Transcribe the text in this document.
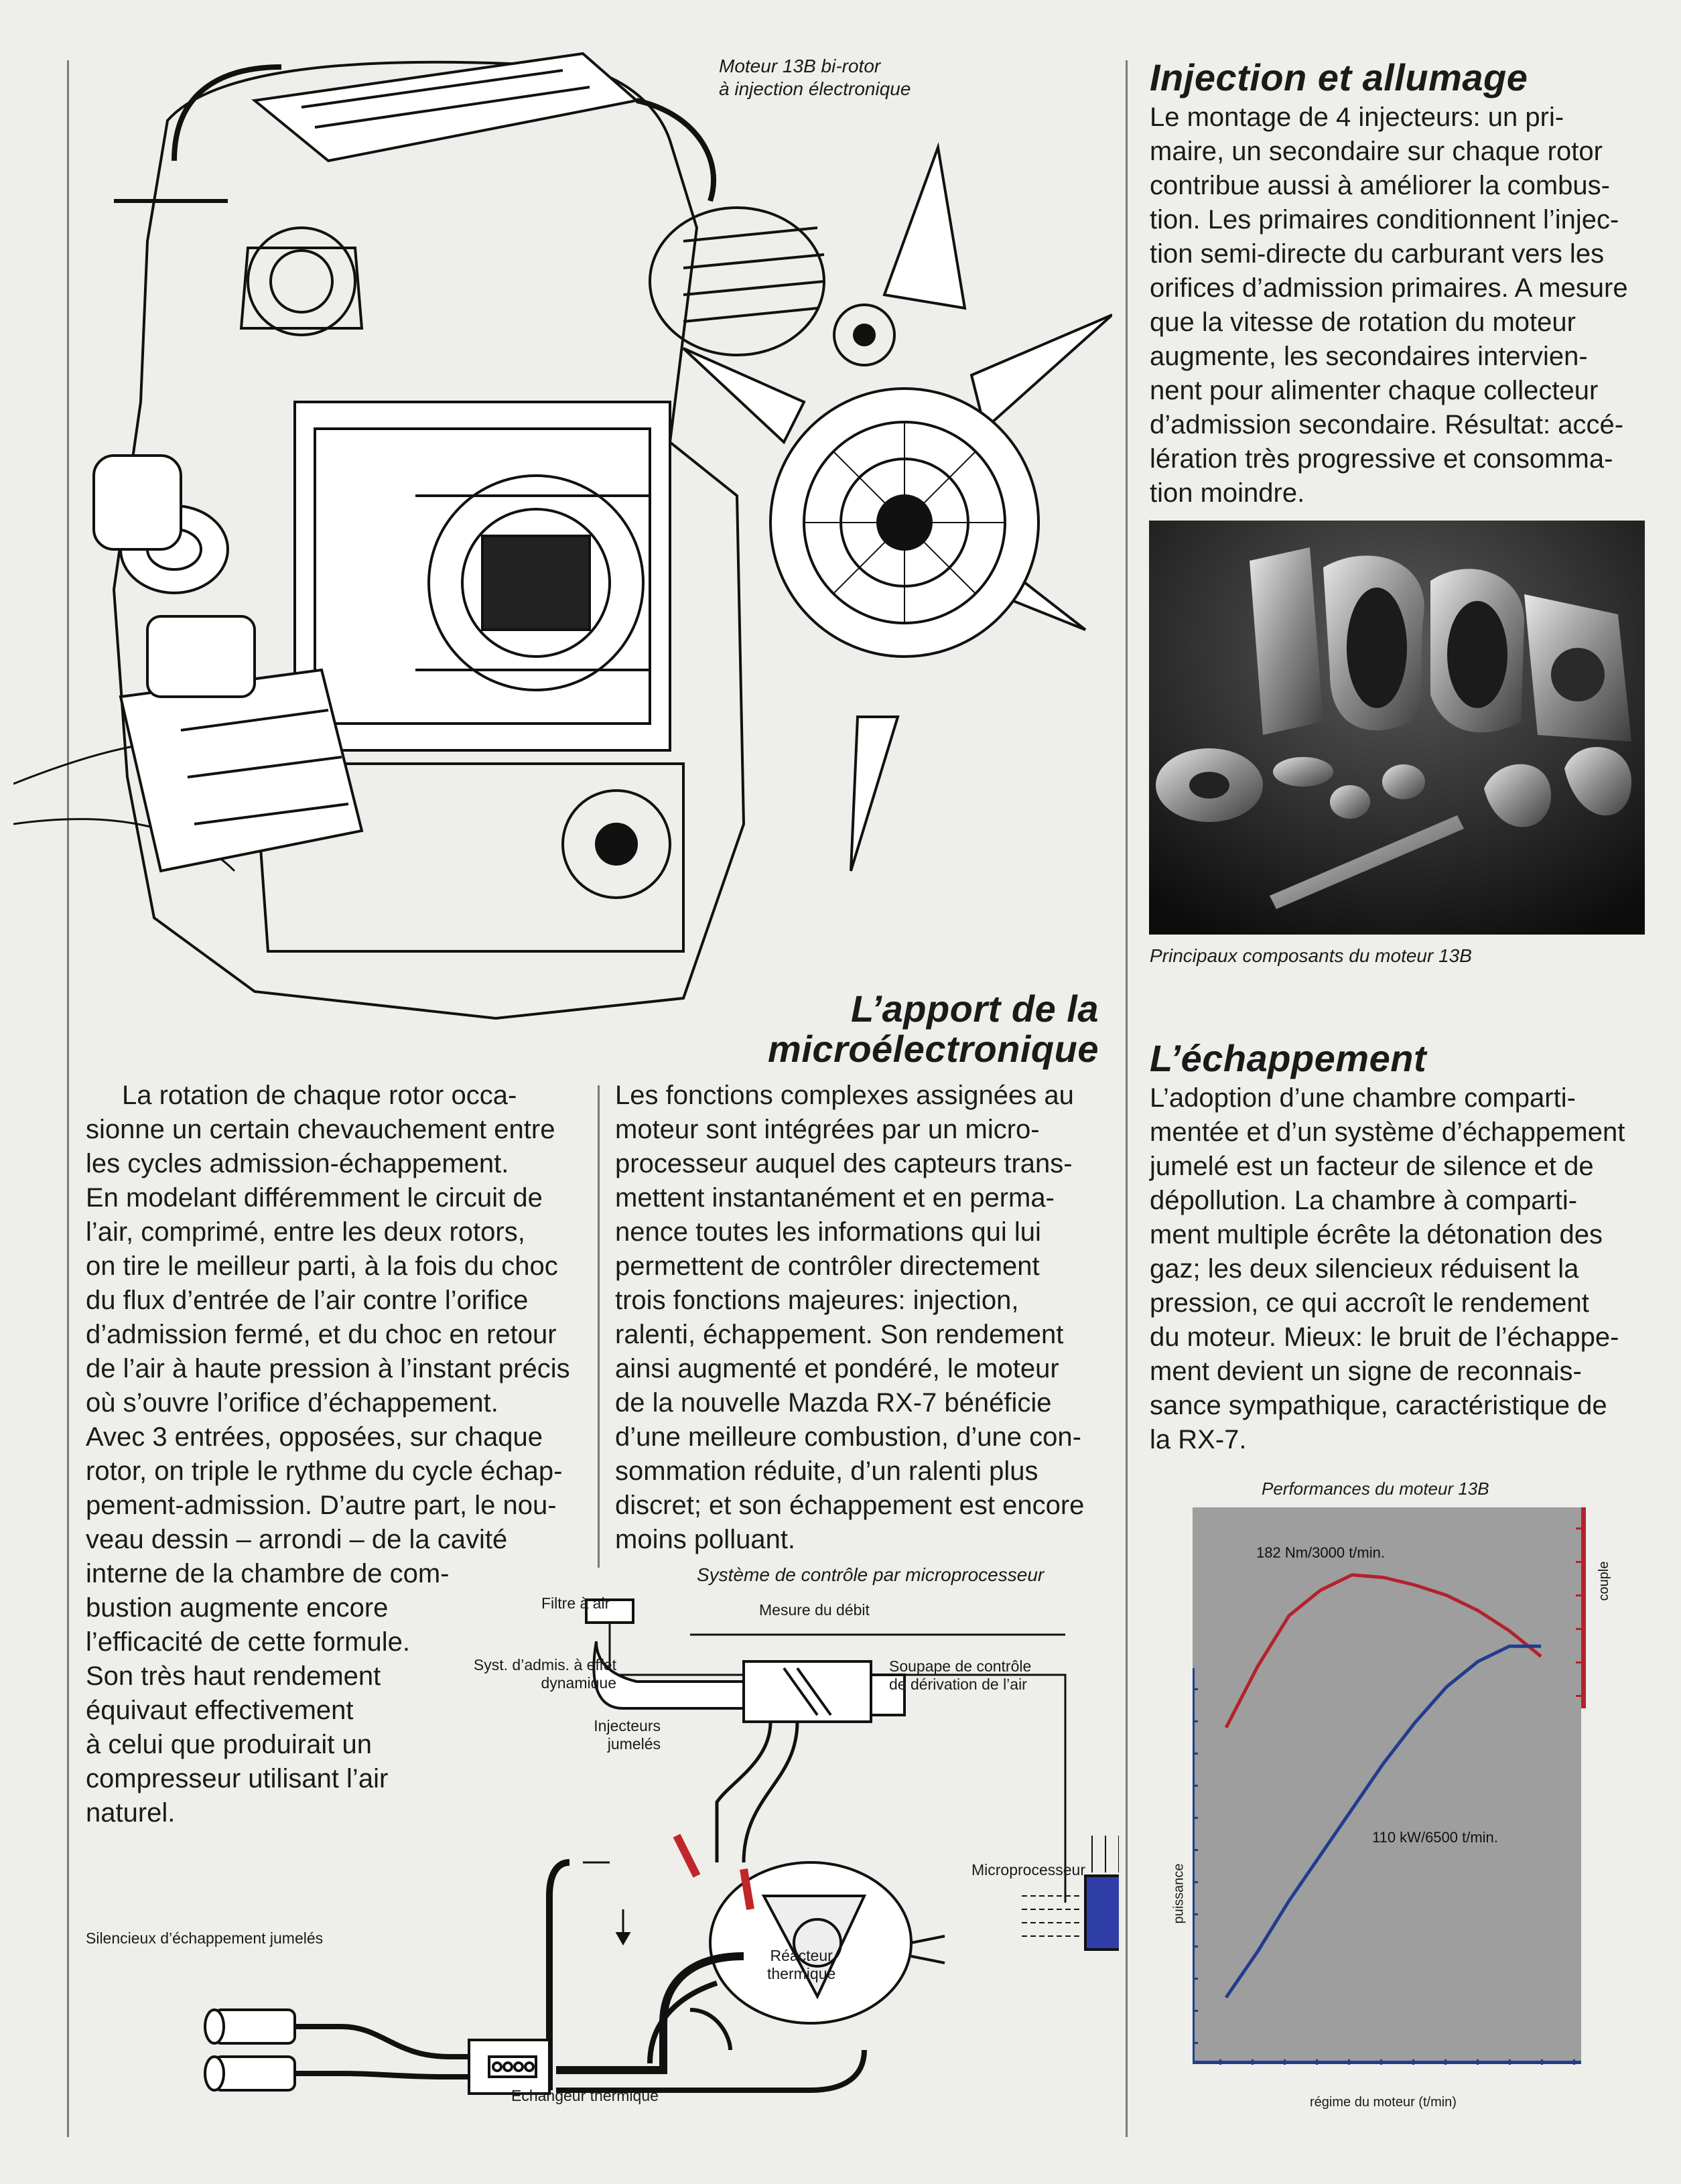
Moteur 13B bi-rotor
à injection électronique	Injection et allumage

Le montage de 4 injecteurs: un pri-

maire, un secondaire sur chaque rotor

contribue aussi à améliorer la combus-

tion. Les primaires conditionnent l’injec-

tion semi-directe du carburant vers les

orifices d’admission primaires. A mesure

que la vitesse de rotation du moteur

augmente, les secondaires intervien-

nent pour alimenter chaque collecteur

d’admission secondaire. Résultat: accé-

lération très progressive et consomma-

tion moindre.

Principaux composants du moteur 13B

L’apport de la
microélectronique

La rotation de chaque rotor occa-

sionne un certain chevauchement entre

les cycles admission-échappement.

En modelant différemment le circuit de

l’air, comprimé, entre les deux rotors,

on tire le meilleur parti, à la fois du choc

du flux d’entrée de l’air contre l’orifice

d’admission fermé, et du choc en retour

de l’air à haute pression à l’instant précis

où s’ouvre l’orifice d’échappement.

Avec 3 entrées, opposées, sur chaque

rotor, on triple le rythme du cycle échap-

pement-admission. D’autre part, le nou-

veau dessin – arrondi – de la cavité

interne de la chambre de com-

bustion augmente encore

l’efficacité de cette formule.

Son très haut rendement

équivaut effectivement

à celui que produirait un

compresseur utilisant l’air

naturel.

Les fonctions complexes assignées au

moteur sont intégrées par un micro-

processeur auquel des capteurs trans-

mettent instantanément et en perma-

nence toutes les informations qui lui

permettent de contrôler directement

trois fonctions majeures: injection,

ralenti, échappement. Son rendement

ainsi augmenté et pondéré, le moteur

de la nouvelle Mazda RX-7 bénéficie

d’une meilleure combustion, d’une con-

sommation réduite, d’un ralenti plus

discret; et son échappement est encore

moins polluant.

L’échappement

L’adoption d’une chambre comparti-

mentée et d’un système d’échappement

jumelé est un facteur de silence et de

dépollution. La chambre à comparti-

ment multiple écrête la détonation des

gaz; les deux silencieux réduisent la

pression, ce qui accroît le rendement

du moteur. Mieux: le bruit de l’échappe-

ment devient un signe de reconnais-

sance sympathique, caractéristique de

la RX-7.

Système de contrôle par microprocesseur
Filtre à air	Mesure du débit
Syst. d’admis. à effet
dynamique
Soupape de contrôle
de dérivation de l’air
Injecteurs
jumelés
Microprocesseur
Silencieux d’échappement jumelés
Réacteur
thermique
Echangeur thermique
Performances du moteur 13B
182 Nm/3000 t/min.
110 kW/6500 t/min.
couple
puissance
régime du moteur (t/min)
